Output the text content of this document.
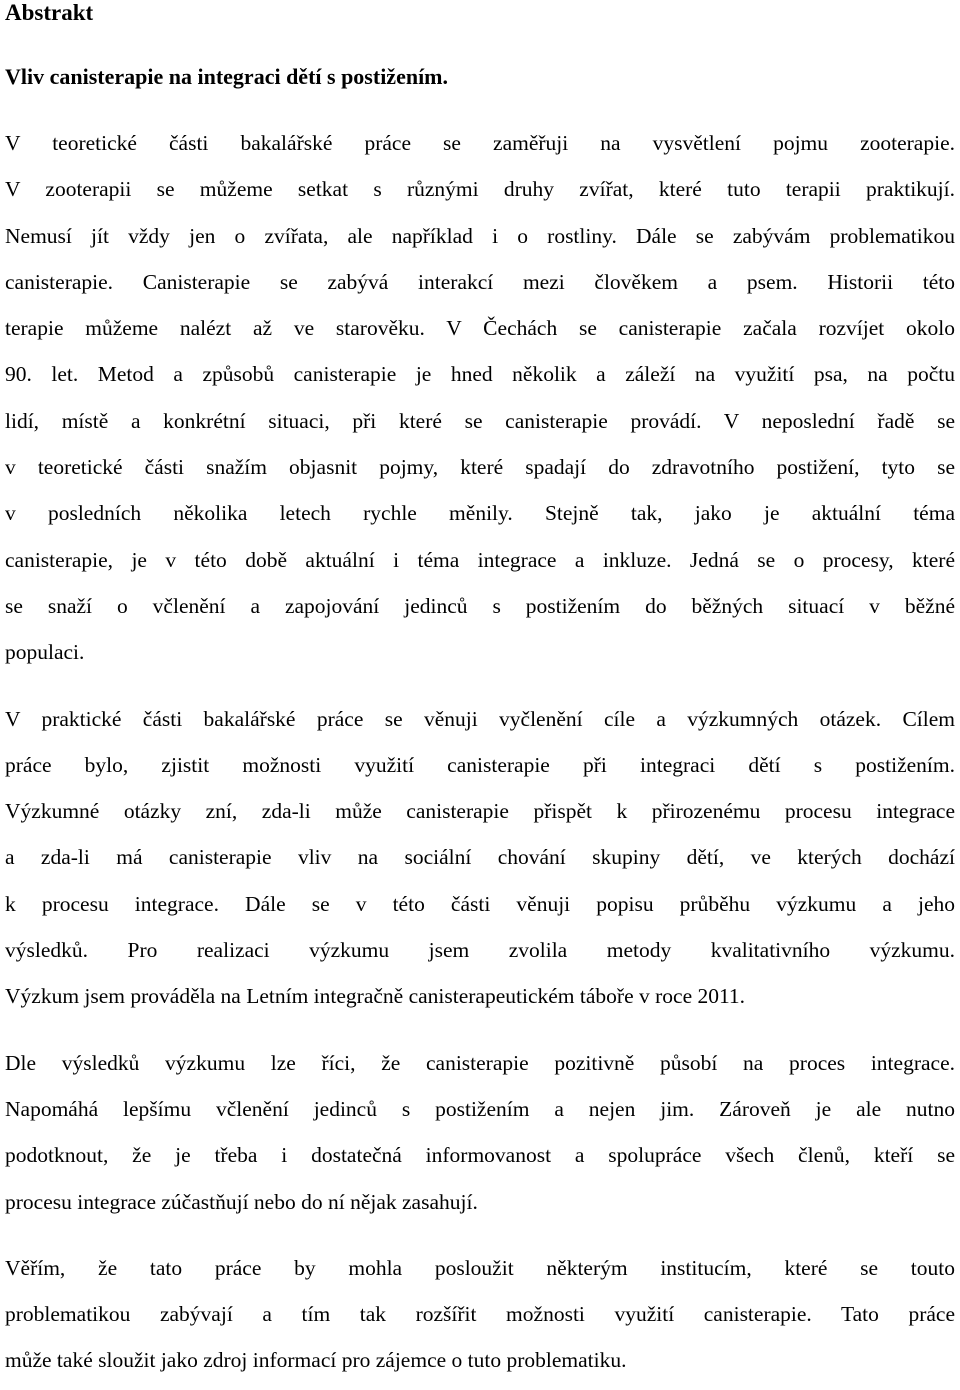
Abstrakt
Vliv canisterapie na integraci dětí s postižením.

V teoretické části bakalářské práce se zaměřuji na vysvětlení pojmu zooterapie.
V zooterapii se můžeme setkat s různými druhy zvířat, které tuto terapii praktikují.
Nemusí jít vždy jen o zvířata, ale například i o rostliny. Dále se zabývám problematikou
canisterapie. Canisterapie se zabývá interakcí mezi člověkem a psem. Historii této
terapie můžeme nalézt až ve starověku. V Čechách se canisterapie začala rozvíjet okolo
90. let. Metod a způsobů canisterapie je hned několik a záleží na využití psa, na počtu
lidí, místě a konkrétní situaci, při které se canisterapie provádí. V neposlední řadě se
v teoretické části snažím objasnit pojmy, které spadají do zdravotního postižení, tyto se
v posledních několika letech rychle měnily. Stejně tak, jako je aktuální téma
canisterapie, je v této době aktuální i téma integrace a inkluze. Jedná se o procesy, které
se snaží o včlenění a zapojování jedinců s postižením do běžných situací v běžné
populaci.

V praktické části bakalářské práce se věnuji vyčlenění cíle a výzkumných otázek. Cílem
práce bylo, zjistit možnosti využití canisterapie při integraci dětí s postižením.
Výzkumné otázky zní, zda-li může canisterapie přispět k přirozenému procesu integrace
a zda-li má canisterapie vliv na sociální chování skupiny dětí, ve kterých dochází
k procesu integrace. Dále se v této části věnuji popisu průběhu výzkumu a jeho
výsledků. Pro realizaci výzkumu jsem zvolila metody kvalitativního výzkumu.
Výzkum jsem prováděla na Letním integračně canisterapeutickém táboře v roce 2011.

Dle výsledků výzkumu lze říci, že canisterapie pozitivně působí na proces integrace.
Napomáhá lepšímu včlenění jedinců s postižením a nejen jim. Zároveň je ale nutno
podotknout, že je třeba i dostatečná informovanost a spolupráce všech členů, kteří se
procesu integrace zúčastňují nebo do ní nějak zasahují.

Věřím, že tato práce by mohla posloužit některým institucím, které se touto
problematikou zabývají a tím tak rozšířit možnosti využití canisterapie. Tato práce
může také sloužit jako zdroj informací pro zájemce o tuto problematiku.
